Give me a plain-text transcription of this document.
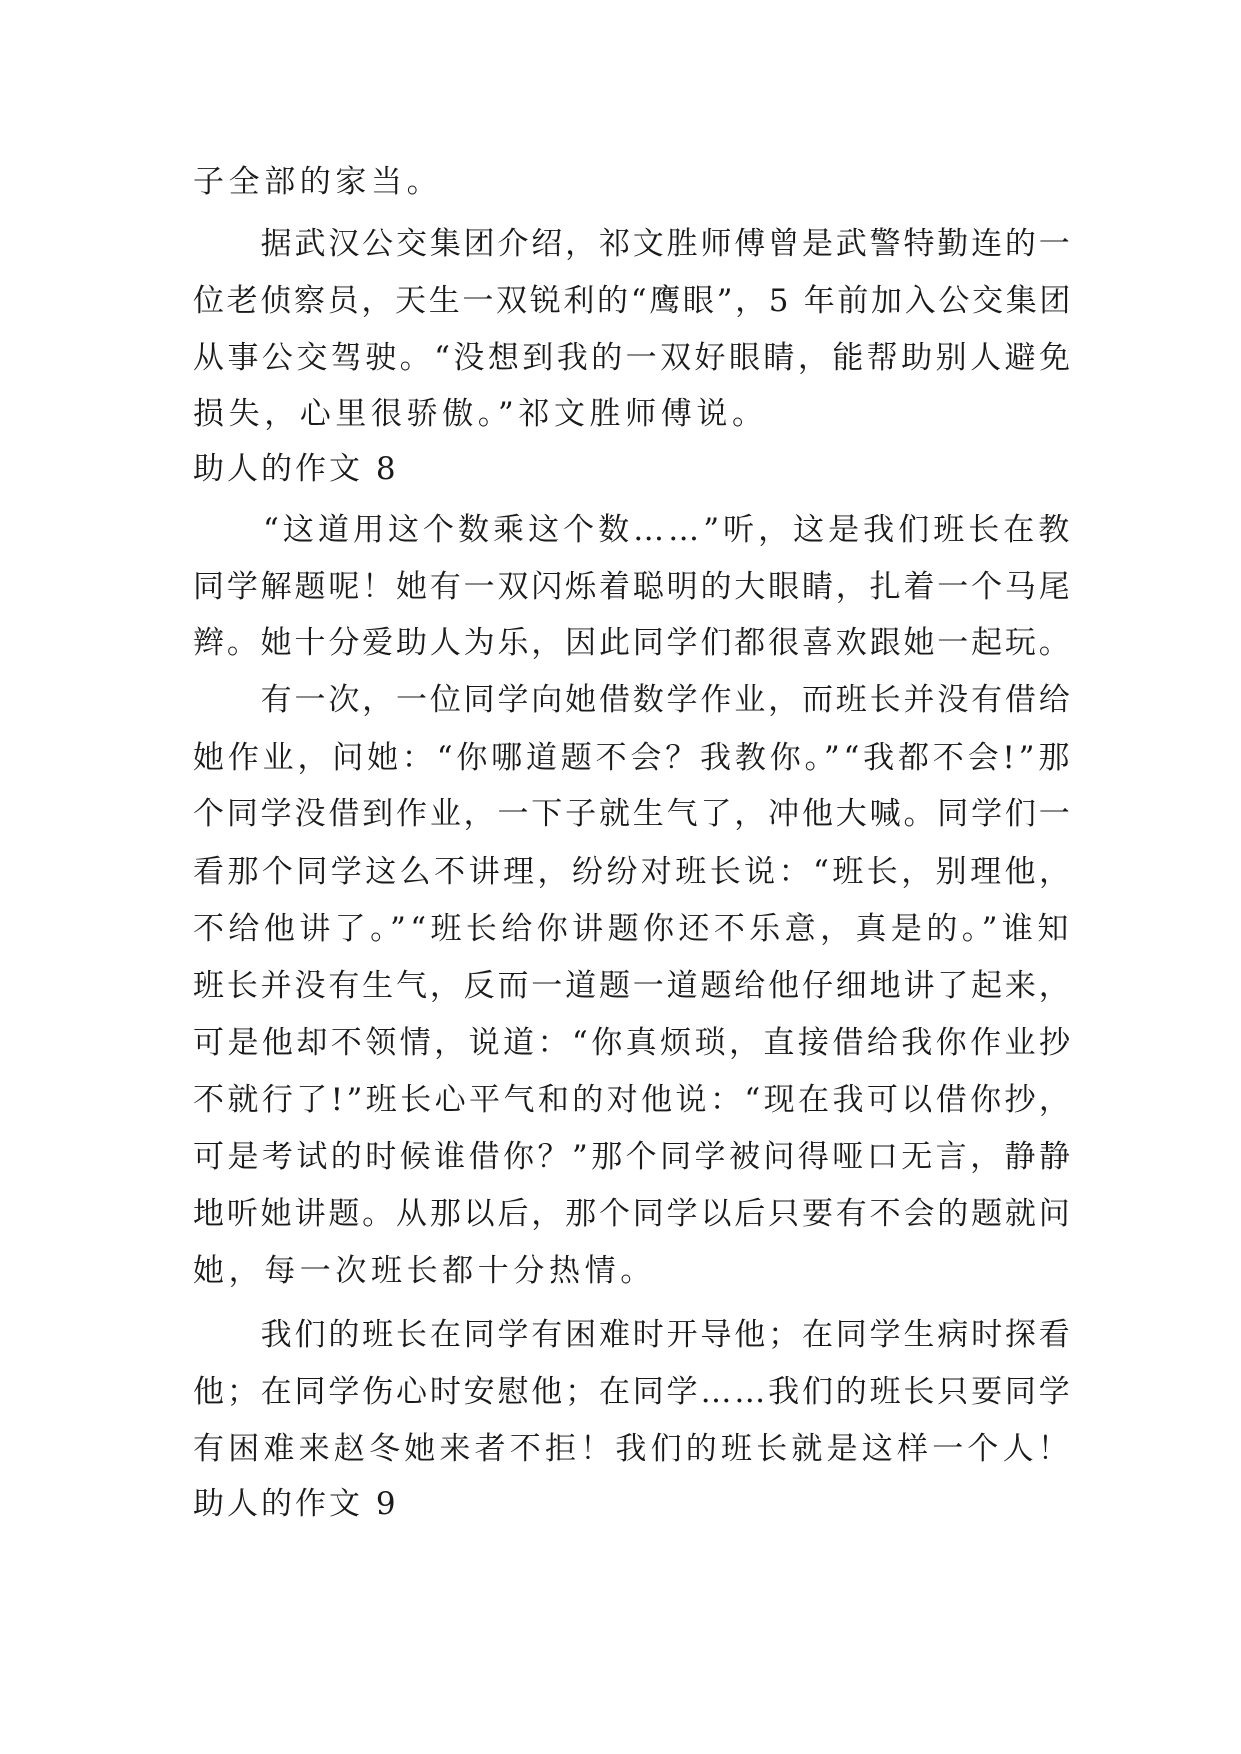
子全部的家当。
　　据武汉公交集团介绍，祁文胜师傅曾是武警特勤连的一
位老侦察员，天生一双锐利的“鹰眼”，5 年前加入公交集团
从事公交驾驶。“没想到我的一双好眼睛，能帮助别人避免
损失，心里很骄傲。”祁文胜师傅说。
助人的作文 8
　　“这道用这个数乘这个数……”听，这是我们班长在教
同学解题呢！她有一双闪烁着聪明的大眼睛，扎着一个马尾
辫。她十分爱助人为乐，因此同学们都很喜欢跟她一起玩。
　　有一次，一位同学向她借数学作业，而班长并没有借给
她作业，问她：“你哪道题不会？我教你。”“我都不会!”那
个同学没借到作业，一下子就生气了，冲他大喊。同学们一
看那个同学这么不讲理，纷纷对班长说：“班长，别理他，
不给他讲了。”“班长给你讲题你还不乐意，真是的。”谁知
班长并没有生气，反而一道题一道题给他仔细地讲了起来，
可是他却不领情，说道：“你真烦琐，直接借给我你作业抄
不就行了!”班长心平气和的对他说：“现在我可以借你抄，
可是考试的时候谁借你？”那个同学被问得哑口无言，静静
地听她讲题。从那以后，那个同学以后只要有不会的题就问
她，每一次班长都十分热情。
　　我们的班长在同学有困难时开导他；在同学生病时探看
他；在同学伤心时安慰他；在同学……我们的班长只要同学
有困难来赵冬她来者不拒！我们的班长就是这样一个人！
助人的作文 9
